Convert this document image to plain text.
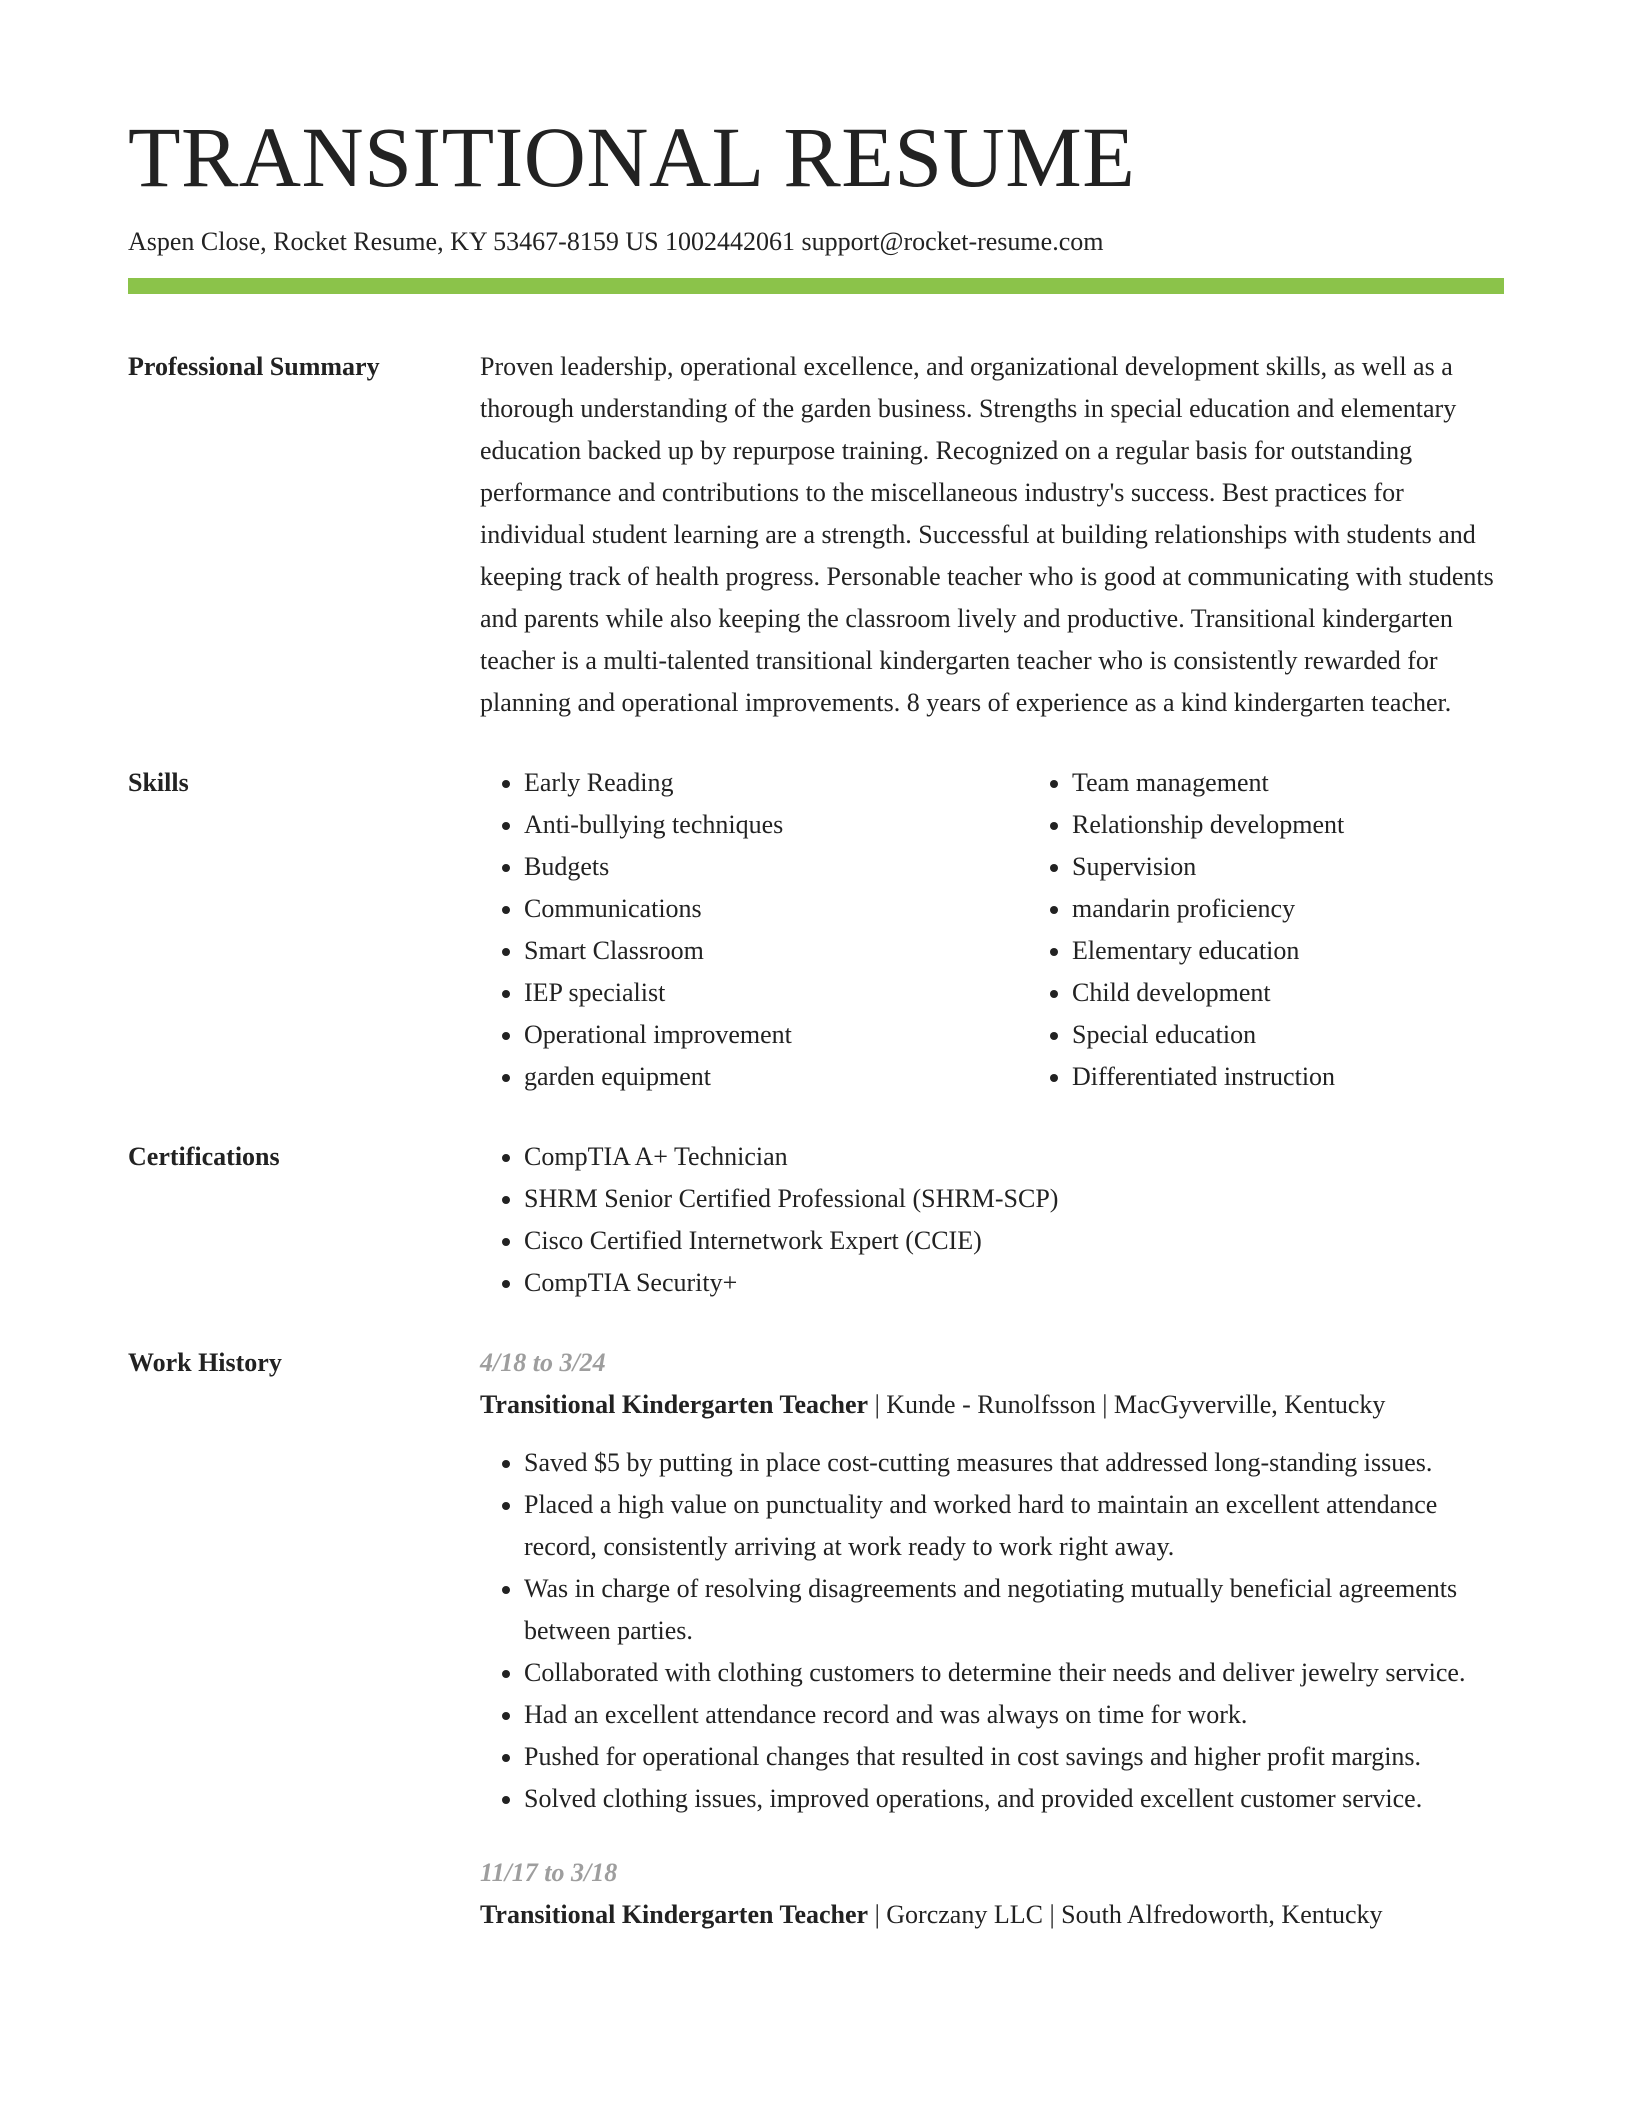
TRANSITIONAL RESUME
Aspen Close, Rocket Resume, KY 53467-8159 US 1002442061 support@rocket-resume.com
Professional Summary	Proven leadership, operational excellence, and organizational development skills, as well as a thorough understanding of the garden business. Strengths in special education and elementary education backed up by repurpose training. Recognized on a regular basis for outstanding performance and contributions to the miscellaneous industry's success. Best practices for individual student learning are a strength. Successful at building relationships with students and keeping track of health progress. Personable teacher who is good at communicating with students and parents while also keeping the classroom lively and productive. Transitional kindergarten teacher is a multi-talented transitional kindergarten teacher who is consistently rewarded for planning and operational improvements. 8 years of experience as a kind kindergarten teacher.

Skills	• Early Reading
• Anti-bullying techniques
• Budgets
• Communications
• Smart Classroom
• IEP specialist
• Operational improvement
• garden equipment
• Team management
• Relationship development
• Supervision
• mandarin proficiency
• Elementary education
• Child development
• Special education
• Differentiated instruction
Certifications	• CompTIA A+ Technician
• SHRM Senior Certified Professional (SHRM-SCP)
• Cisco Certified Internetwork Expert (CCIE)
• CompTIA Security+
Work History	4/18 to 3/24
Transitional Kindergarten Teacher | Kunde - Runolfsson | MacGyverville, Kentucky
• Saved $5 by putting in place cost-cutting measures that addressed long-standing issues.
• Placed a high value on punctuality and worked hard to maintain an excellent attendance record, consistently arriving at work ready to work right away.
• Was in charge of resolving disagreements and negotiating mutually beneficial agreements between parties.
• Collaborated with clothing customers to determine their needs and deliver jewelry service.
• Had an excellent attendance record and was always on time for work.
• Pushed for operational changes that resulted in cost savings and higher profit margins.
• Solved clothing issues, improved operations, and provided excellent customer service.
11/17 to 3/18
Transitional Kindergarten Teacher | Gorczany LLC | South Alfredoworth, Kentucky
